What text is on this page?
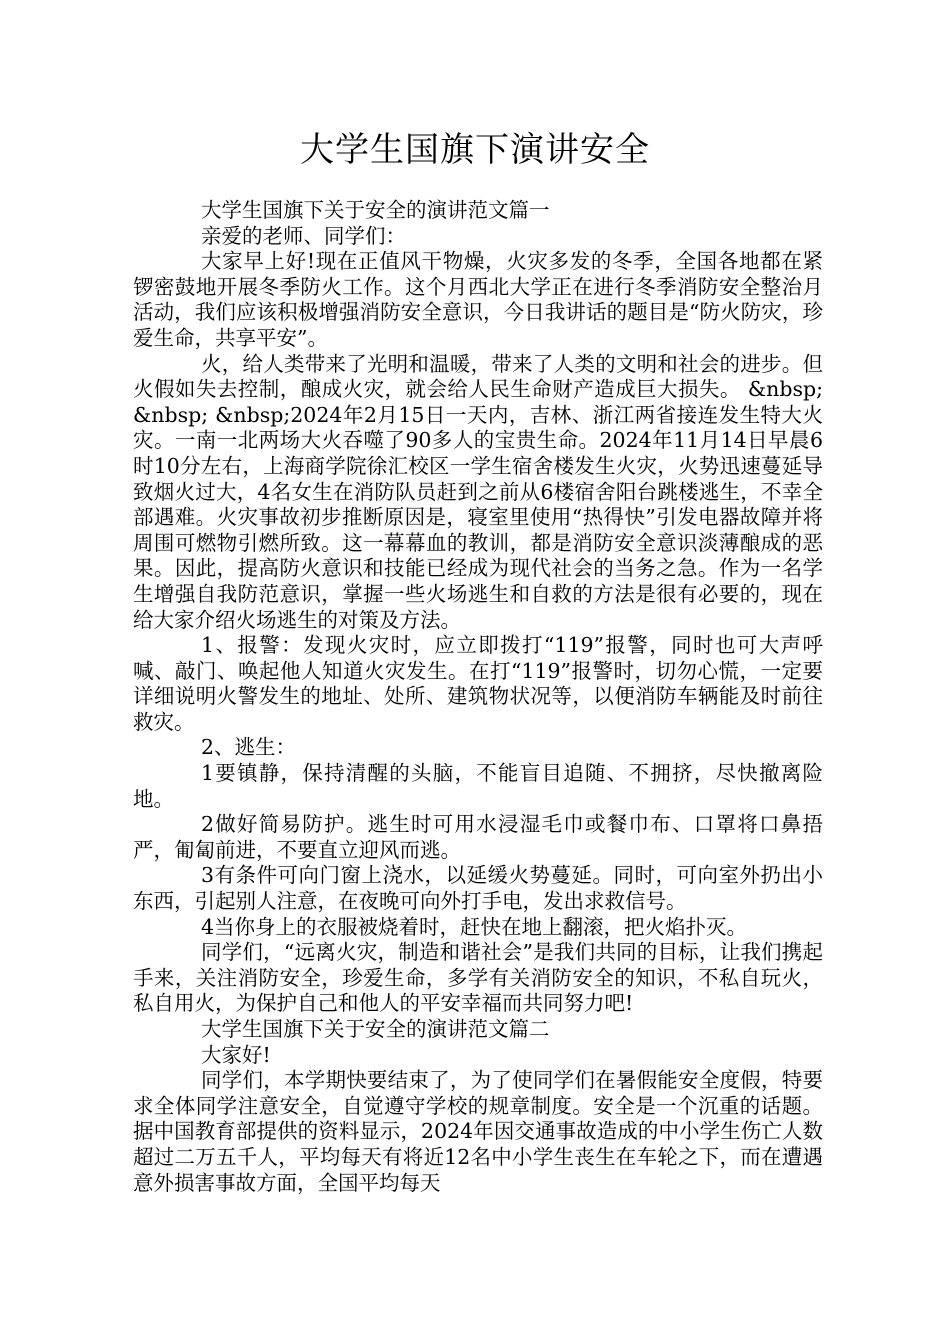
大学生国旗下演讲安全

大学生国旗下关于安全的演讲范文篇一

亲爱的老师、同学们：

大家早上好!现在正值风干物燥，火灾多发的冬季，全国各地都在紧锣密鼓地开展冬季防火工作。这个月西北大学正在进行冬季消防安全整治月活动，我们应该积极增强消防安全意识，今日我讲话的题目是“防火防灾，珍爱生命，共享平安”。

火，给人类带来了光明和温暖，带来了人类的文明和社会的进步。但火假如失去控制，酿成火灾，就会给人民生命财产造成巨大损失。 &nbsp; &nbsp; &nbsp;2024年2月15日一天内，吉林、浙江两省接连发生特大火灾。一南一北两场大火吞噬了90多人的宝贵生命。2024年11月14日早晨6时10分左右，上海商学院徐汇校区一学生宿舍楼发生火灾，火势迅速蔓延导致烟火过大，4名女生在消防队员赶到之前从6楼宿舍阳台跳楼逃生，不幸全部遇难。火灾事故初步推断原因是，寝室里使用“热得快”引发电器故障并将周围可燃物引燃所致。这一幕幕血的教训，都是消防安全意识淡薄酿成的恶果。因此，提高防火意识和技能已经成为现代社会的当务之急。作为一名学生增强自我防范意识，掌握一些火场逃生和自救的方法是很有必要的，现在给大家介绍火场逃生的对策及方法。

1、报警：发现火灾时，应立即拨打“119”报警，同时也可大声呼喊、敲门、唤起他人知道火灾发生。在打“119”报警时，切勿心慌，一定要详细说明火警发生的地址、处所、建筑物状况等，以便消防车辆能及时前往救灾。

2、逃生：

1要镇静，保持清醒的头脑，不能盲目追随、不拥挤，尽快撤离险地。

2做好简易防护。逃生时可用水浸湿毛巾或餐巾布、口罩将口鼻捂严，匍匐前进，不要直立迎风而逃。

3有条件可向门窗上浇水，以延缓火势蔓延。同时，可向室外扔出小东西，引起别人注意，在夜晚可向外打手电，发出求救信号。

4当你身上的衣服被烧着时，赶快在地上翻滚，把火焰扑灭。

同学们，“远离火灾，制造和谐社会”是我们共同的目标，让我们携起手来，关注消防安全，珍爱生命，多学有关消防安全的知识，不私自玩火，私自用火，为保护自己和他人的平安幸福而共同努力吧!

大学生国旗下关于安全的演讲范文篇二

大家好!

同学们，本学期快要结束了，为了使同学们在暑假能安全度假，特要求全体同学注意安全，自觉遵守学校的规章制度。安全是一个沉重的话题。据中国教育部提供的资料显示，2024年因交通事故造成的中小学生伤亡人数超过二万五千人，平均每天有将近12名中小学生丧生在车轮之下，而在遭遇意外损害事故方面，全国平均每天
